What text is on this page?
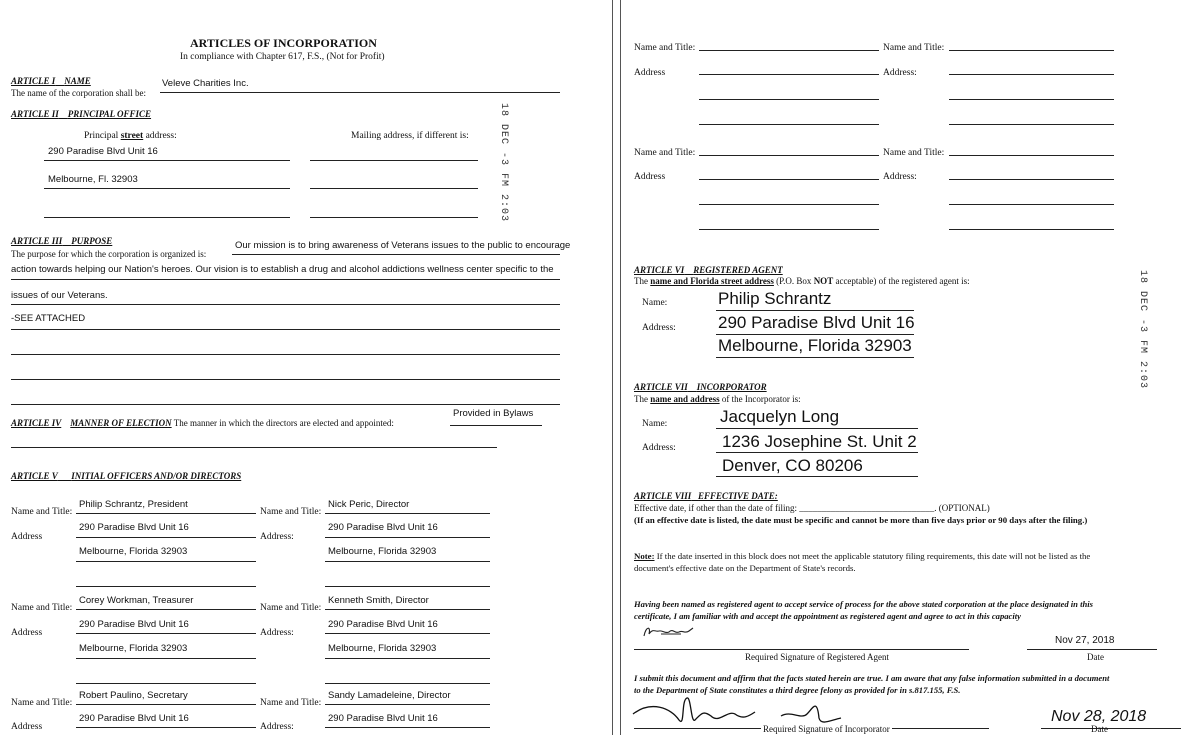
ARTICLES OF INCORPORATION
In compliance with Chapter 617, F.S., (Not for Profit)
ARTICLE I NAME
The name of the corporation shall be:
Veleve Charities Inc.
ARTICLE II PRINCIPAL OFFICE
Principal street address:	Mailing address, if different is:
290 Paradise Blvd Unit 16
Melbourne, Fl. 32903	18 DEC -3 FM 2:03
ARTICLE III PURPOSE
The purpose for which the corporation is organized is:
Our mission is to bring awareness of Veterans issues to the public to encourage
action towards helping our Nation's heroes. Our vision is to establish a drug and alcohol addictions wellness center specific to the
issues of our Veterans.
-SEE ATTACHED
ARTICLE IV MANNER OF ELECTION The manner in which the directors are elected and appointed:
Provided in Bylaws
ARTICLE V INITIAL OFFICERS AND/OR DIRECTORS
Name and Title:
Philip Schrantz, President
Address
290 Paradise Blvd Unit 16
Melbourne, Florida 32903
Name and Title:
Nick Peric, Director
Address:
290 Paradise Blvd Unit 16
Melbourne, Florida 32903
Name and Title:
Corey Workman, Treasurer
Address
290 Paradise Blvd Unit 16
Melbourne, Florida 32903
Name and Title:
Kenneth Smith, Director
Address:
290 Paradise Blvd Unit 16
Melbourne, Florida 32903
Name and Title:
Robert Paulino, Secretary
Address
290 Paradise Blvd Unit 16
Name and Title:
Sandy Lamadeleine, Director
Address:
290 Paradise Blvd Unit 16
Name and Title:	Name and Title:
Address	Address:
Name and Title:	Name and Title:
Address	Address:
ARTICLE VI REGISTERED AGENT
The name and Florida street address (P.O. Box NOT acceptable) of the registered agent is:
Name:	Philip Schrantz
Address: 290 Paradise Blvd Unit 16
Melbourne, Florida 32903	18 DEC -3 FM 2:03
ARTICLE VII INCORPORATOR
The name and address of the Incorporator is:
Name:	Jacquelyn Long
Address:	1236 Josephine St. Unit 2
Denver, CO 80206
ARTICLE VIII EFFECTIVE DATE:
Effective date, if other than the date of filing: ______________________________. (OPTIONAL)
(If an effective date is listed, the date must be specific and cannot be more than five days prior or 90 days after the filing.)
Note: If the date inserted in this block does not meet the applicable statutory filing requirements, this date will not be listed as the
document's effective date on the Department of State's records.
Having been named as registered agent to accept service of process for the above stated corporation at the place designated in this
certificate, I am familiar with and accept the appointment as registered agent and agree to act in this capacity
Required Signature of Registered Agent
Nov 27, 2018
Date
I submit this document and affirm that the facts stated herein are true. I am aware that any false information submitted in a document
to the Department of State constitutes a third degree felony as provided for in s.817.155, F.S.
Required Signature of Incorporator
Nov 28, 2018
Date
